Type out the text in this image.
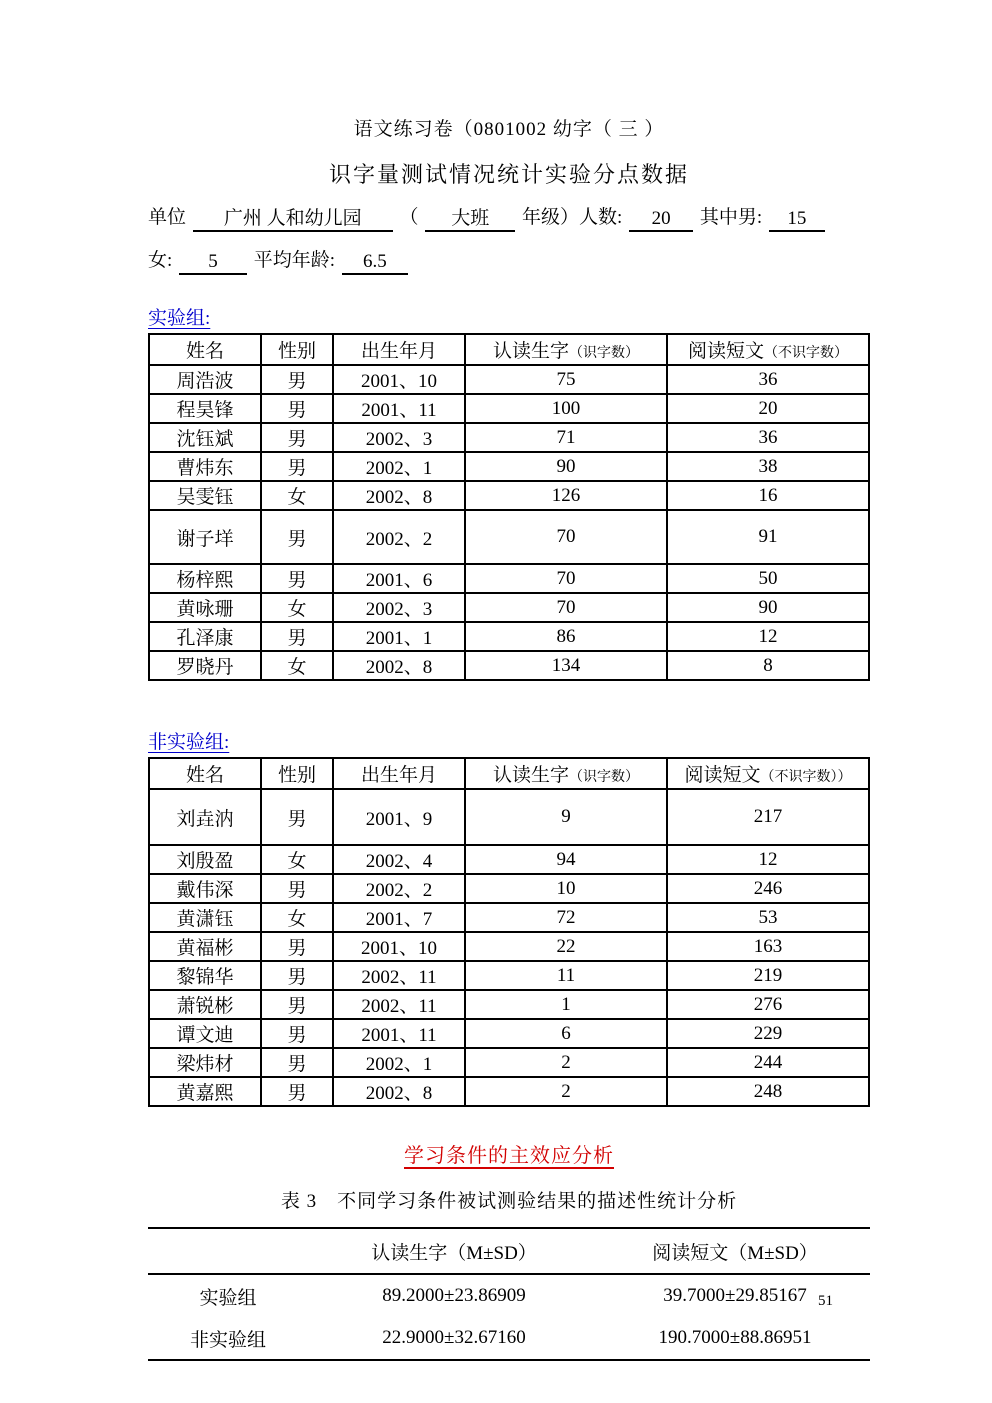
语文练习卷（0801002 幼字（ 三 ）
识字量测试情况统计实验分点数据
单位 广州 人和幼儿园 （ 大班 年级）人数: 20 其中男: 15
女: 5 平均年龄: 6.5
实验组:
姓名	性别	出生年月	认读生字（识字数）	阅读短文（不识字数）
周浩波	男	2001、10	75	36
程昊锋	男	2001、11	100	20
沈钰斌	男	2002、3	71	36
曹炜东	男	2002、1	90	38
吴雯钰	女	2002、8	126	16
谢子垟	男	2002、2	70	91
杨梓熙	男	2001、6	70	50
黄咏珊	女	2002、3	70	90
孔泽康	男	2001、1	86	12
罗晓丹	女	2002、8	134	8
非实验组:
姓名	性别	出生年月	认读生字（识字数）	阅读短文（不识字数））
刘垚汭	男	2001、9	9	217
刘殷盈	女	2002、4	94	12
戴伟深	男	2002、2	10	246
黄潇钰	女	2001、7	72	53
黄福彬	男	2001、10	22	163
黎锦华	男	2002、11	11	219
萧锐彬	男	2002、11	1	276
谭文迪	男	2001、11	6	229
梁炜材	男	2002、1	2	244
黄嘉熙	男	2002、8	2	248
学习条件的主效应分析
表 3　不同学习条件被试测验结果的描述性统计分析
	认读生字（M±SD）	阅读短文（M±SD）
实验组	89.2000±23.86909	39.7000±29.85167
非实验组	22.9000±32.67160	190.7000±88.86951
51
